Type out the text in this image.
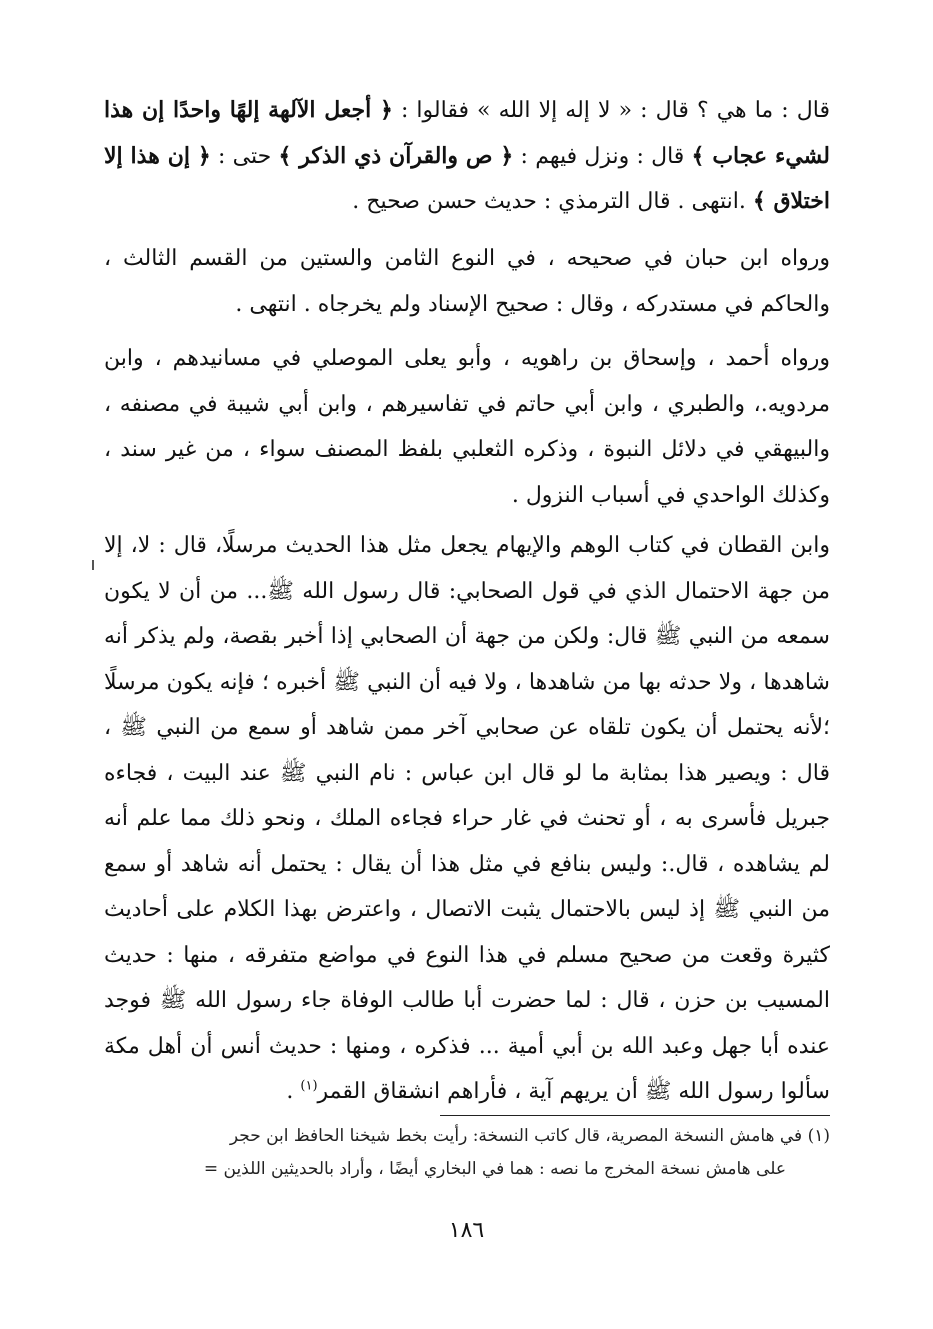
قال : ما هي ؟ قال : « لا إله إلا الله » فقالوا : ﴿ أجعل الآلهة إلهًا واحدًا إن هذا لشيء عجاب ﴾ قال : ونزل فيهم : ﴿ ص والقرآن ذي الذكر ﴾ حتى : ﴿ إن هذا إلا اختلاق ﴾ .انتهى . قال الترمذي : حديث حسن صحيح .
ورواه ابن حبان في صحيحه ، في النوع الثامن والستين من القسم الثالث ، والحاكم في مستدركه ، وقال : صحيح الإسناد ولم يخرجاه . انتهى .
ورواه أحمد ، وإسحاق بن راهويه ، وأبو يعلى الموصلي في مسانيدهم ، وابن مردويه.، والطبري ، وابن أبي حاتم في تفاسيرهم ، وابن أبي شيبة في مصنفه ، والبيهقي في دلائل النبوة ، وذكره الثعلبي بلفظ المصنف سواء ، من غير سند ، وكذلك الواحدي في أسباب النزول .
وابن القطان في كتاب الوهم والإيهام يجعل مثل هذا الحديث مرسلًا، قال : لا، إلا من جهة الاحتمال الذي في قول الصحابي: قال رسول الله ﷺ... من أن لا يكون سمعه من النبي ﷺ قال: ولكن من جهة أن الصحابي إذا أخبر بقصة، ولم يذكر أنه شاهدها ، ولا حدثه بها من شاهدها ، ولا فيه أن النبي ﷺ أخبره ؛ فإنه يكون مرسلًا ؛لأنه يحتمل أن يكون تلقاه عن صحابي آخر ممن شاهد أو سمع من النبي ﷺ ، قال : ويصير هذا بمثابة ما لو قال ابن عباس : نام النبي ﷺ عند البيت ، فجاءه جبريل فأسرى به ، أو تحنث في غار حراء فجاءه الملك ، ونحو ذلك مما علم أنه لم يشاهده ، قال.: وليس بنافع في مثل هذا أن يقال : يحتمل أنه شاهد أو سمع من النبي ﷺ إذ ليس بالاحتمال يثبت الاتصال ، واعترض بهذا الكلام على أحاديث كثيرة وقعت من صحيح مسلم في هذا النوع في مواضع متفرقه ، منها : حديث المسيب بن حزن ، قال : لما حضرت أبا طالب الوفاة جاء رسول الله ﷺ فوجد عنده أبا جهل وعبد الله بن أبي أمية ... فذكره ، ومنها : حديث أنس أن أهل مكة سألوا رسول الله ﷺ أن يريهم آية ، فأراهم انشقاق القمر$^{(١)}$ .
(١) في هامش النسخة المصرية، قال كاتب النسخة: رأيت بخط شيخنا الحافظ ابن حجر
على هامش نسخة المخرج ما نصه : هما في البخاري أيضًا ، وأراد بالحديثين اللذين =
١٨٦
